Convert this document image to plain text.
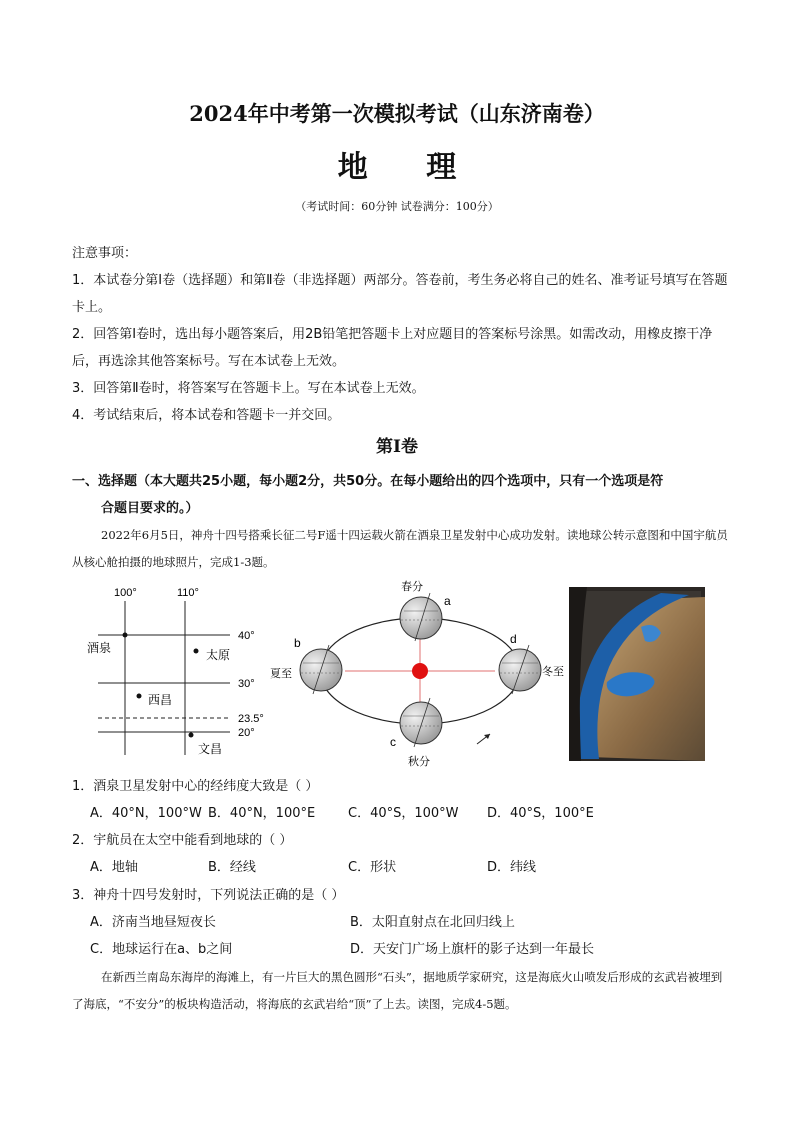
2024年中考第一次模拟考试（山东济南卷）
地 理
（考试时间：60分钟 试卷满分：100分）
注意事项：
1．本试卷分第Ⅰ卷（选择题）和第Ⅱ卷（非选择题）两部分。答卷前，考生务必将自己的姓名、准考证号填写在答题卡上。
2．回答第Ⅰ卷时，选出每小题答案后，用2B铅笔把答题卡上对应题目的答案标号涂黑。如需改动，用橡皮擦干净后，再选涂其他答案标号。写在本试卷上无效。
3．回答第Ⅱ卷时，将答案写在答题卡上。写在本试卷上无效。
4．考试结束后，将本试卷和答题卡一并交回。
第Ⅰ卷
一、选择题（本大题共25小题，每小题2分，共50分。在每小题给出的四个选项中，只有一个选项是符
合题目要求的。）
2022年6月5日，神舟十四号搭乘长征二号F遥十四运载火箭在酒泉卫星发射中心成功发射。读地球公转示意图和中国宇航员从核心舱拍摄的地球照片，完成1-3题。
100°	110°
40°
30°
23.5°
20°
酒泉	太原
西昌
文昌
春分
a
b
夏至
c
秋分
d
冬至
1．酒泉卫星发射中心的经纬度大致是（ ）
A．40°N，100°W B．40°N，100°E	C．40°S，100°W D．40°S，100°E
2．宇航员在太空中能看到地球的（ ）
A．地轴	B．经线	C．形状	D．纬线
3．神舟十四号发射时，下列说法正确的是（ ）
A．济南当地昼短夜长	B．太阳直射点在北回归线上
C．地球运行在a、b之间	D．天安门广场上旗杆的影子达到一年最长
在新西兰南岛东海岸的海滩上，有一片巨大的黑色圆形“石头”，据地质学家研究，这是海底火山喷发后形成的玄武岩被埋到了海底，“不安分”的板块构造活动，将海底的玄武岩给“顶”了上去。读图，完成4-5题。
